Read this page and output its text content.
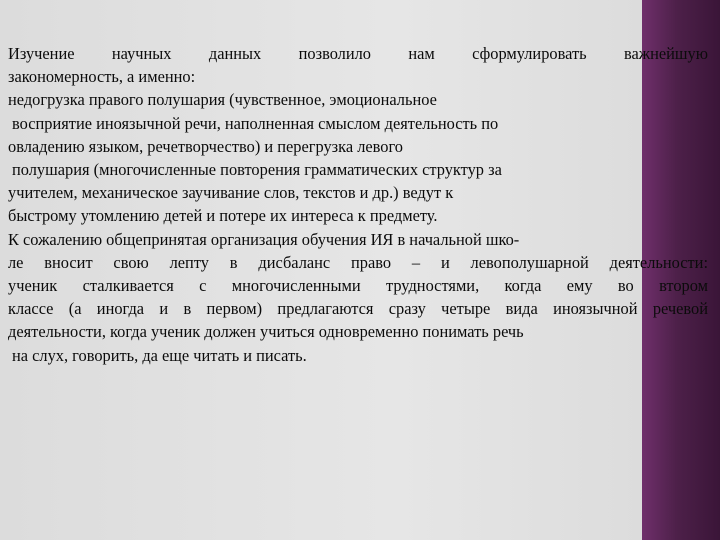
Изучение научных данных позволило нам сформулировать важнейшую
закономерность, а именно:
недогрузка правого полушария (чувственное, эмоциональное
восприятие иноязычной речи, наполненная смыслом деятельность по
овладению языком, речетворчество) и перегрузка левого
полушария (многочисленные повторения грамматических структур за
учителем, механическое заучивание слов, текстов и др.) ведут к
быстрому утомлению детей и потере их интереса к предмету.
К сожалению общепринятая организация обучения ИЯ в начальной шко-
ле вносит свою лепту в дисбаланс право – и левополушарной деятельности:
ученик сталкивается с многочисленными трудностями, когда ему во втором
классе (а иногда и в первом) предлагаются сразу четыре вида иноязычной речевой
деятельности, когда ученик должен учиться одновременно понимать речь
на слух, говорить, да еще читать и писать.
